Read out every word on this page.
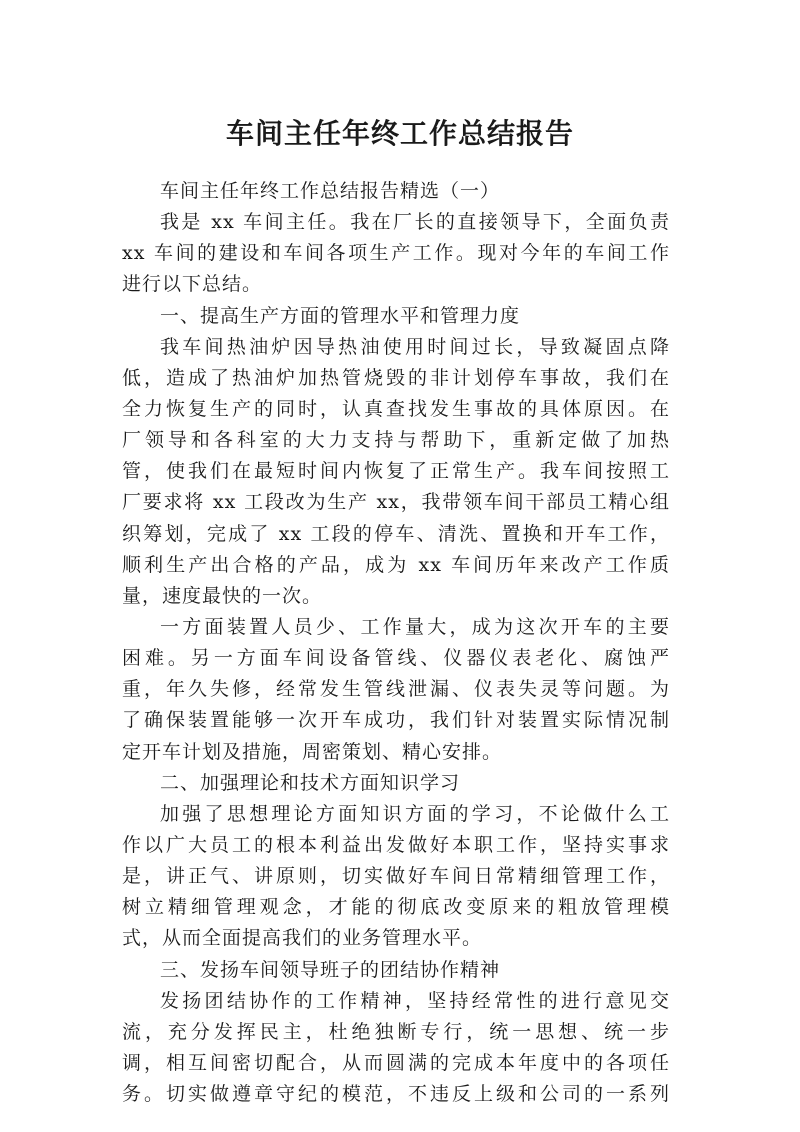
车间主任年终工作总结报告
车间主任年终工作总结报告精选（一）
我是 xx 车间主任。我在厂长的直接领导下，全面负责
xx 车间的建设和车间各项生产工作。现对今年的车间工作
进行以下总结。
一、提高生产方面的管理水平和管理力度
我车间热油炉因导热油使用时间过长，导致凝固点降
低，造成了热油炉加热管烧毁的非计划停车事故，我们在
全力恢复生产的同时，认真查找发生事故的具体原因。在
厂领导和各科室的大力支持与帮助下，重新定做了加热
管，使我们在最短时间内恢复了正常生产。我车间按照工
厂要求将 xx 工段改为生产 xx，我带领车间干部员工精心组
织筹划，完成了 xx 工段的停车、清洗、置换和开车工作，
顺利生产出合格的产品，成为 xx 车间历年来改产工作质
量，速度最快的一次。
一方面装置人员少、工作量大，成为这次开车的主要
困难。另一方面车间设备管线、仪器仪表老化、腐蚀严
重，年久失修，经常发生管线泄漏、仪表失灵等问题。为
了确保装置能够一次开车成功，我们针对装置实际情况制
定开车计划及措施，周密策划、精心安排。
二、加强理论和技术方面知识学习
加强了思想理论方面知识方面的学习，不论做什么工
作以广大员工的根本利益出发做好本职工作，坚持实事求
是，讲正气、讲原则，切实做好车间日常精细管理工作，
树立精细管理观念，才能的彻底改变原来的粗放管理模
式，从而全面提高我们的业务管理水平。
三、发扬车间领导班子的团结协作精神
发扬团结协作的工作精神，坚持经常性的进行意见交
流，充分发挥民主，杜绝独断专行，统一思想、统一步
调，相互间密切配合，从而圆满的完成本年度中的各项任
务。切实做遵章守纪的模范，不违反上级和公司的一系列
